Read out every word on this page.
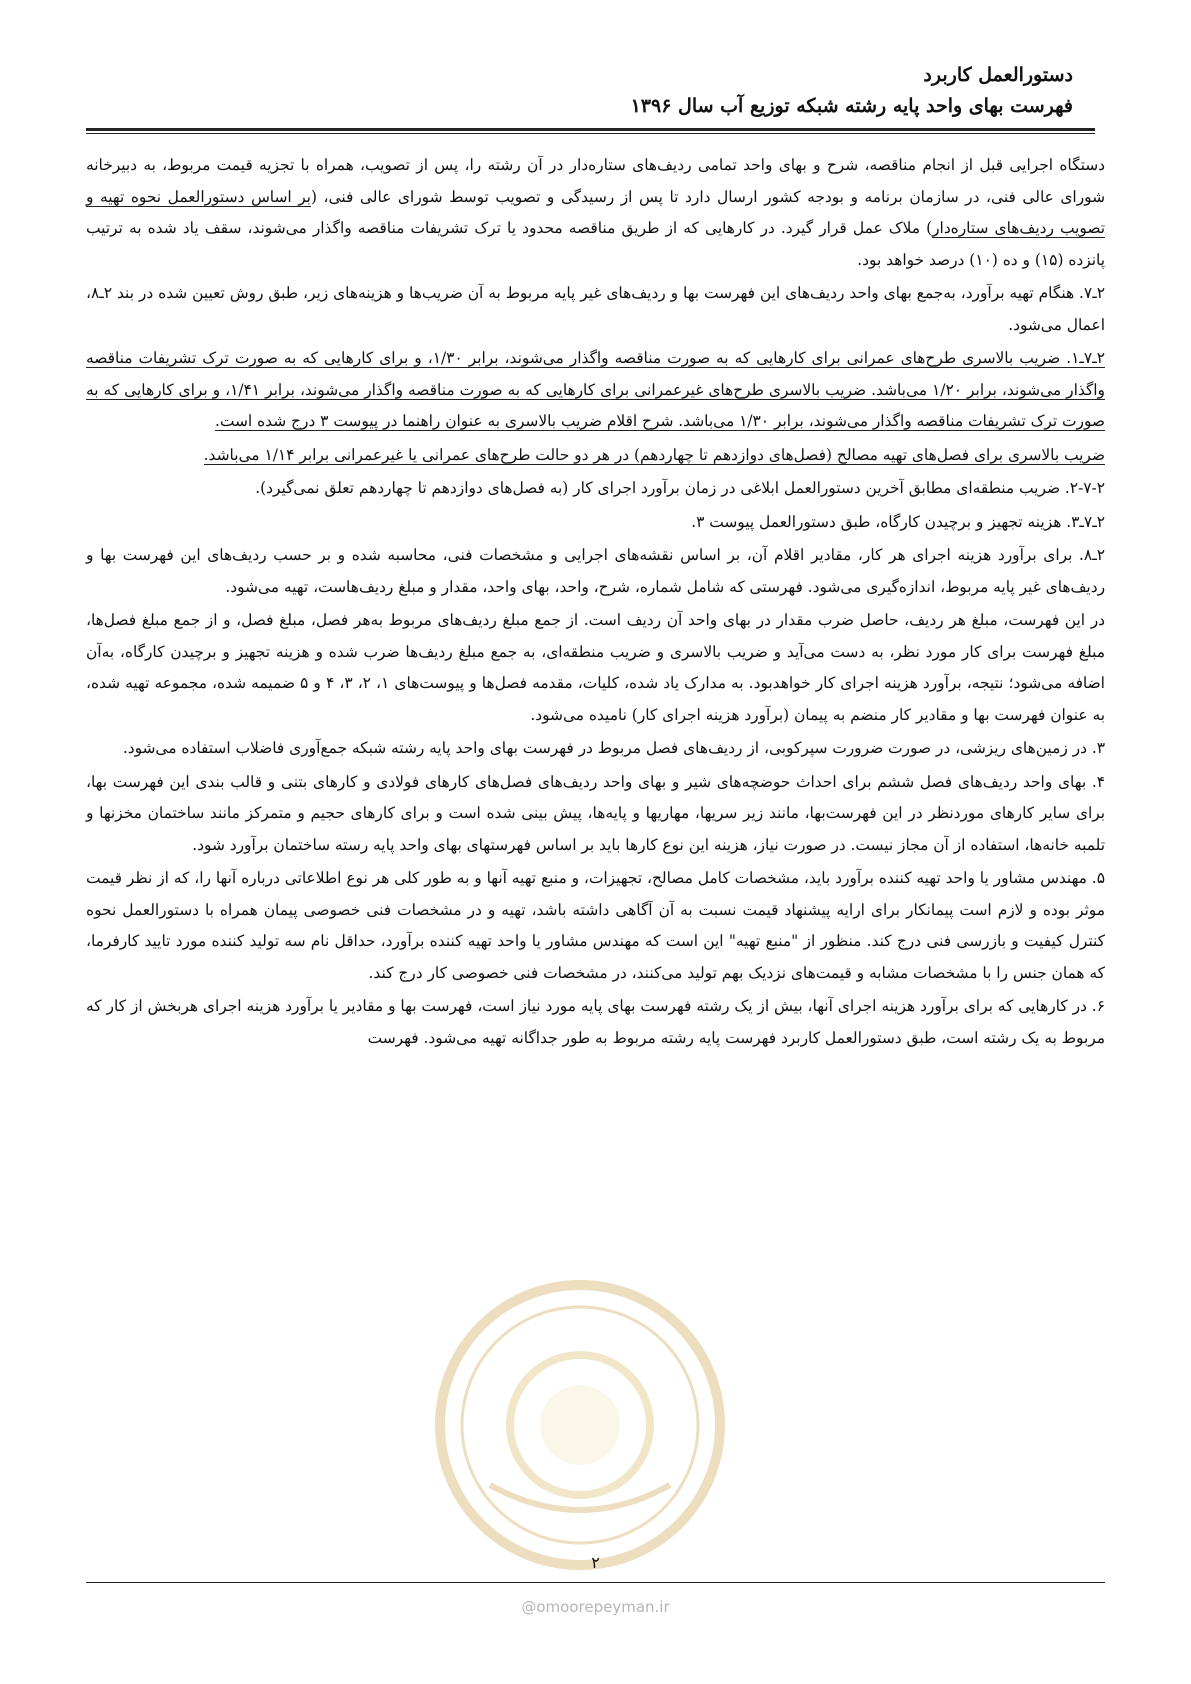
دستورالعمل کاربرد
فهرست بهای واحد پایه رشته شبکه توزیع آب سال ۱۳۹۶

دستگاه اجرایی قبل از انجام مناقصه، شرح و بهای واحد تمامی ردیف‌های ستاره‌دار در آن رشته را، پس از تصویب، همراه با تجزیه قیمت مربوط، به دبیرخانه شورای عالی فنی، در سازمان برنامه و بودجه کشور ارسال دارد تا پس از رسیدگی و تصویب توسط شورای عالی فنی، (بر اساس دستورالعمل نحوه تهیه و تصویب ردیف‌های ستاره‌دار) ملاک عمل قرار گیرد. در کارهایی که از طریق مناقصه محدود یا ترک تشریفات مناقصه واگذار می‌شوند، سقف یاد شده به ترتیب پانزده (۱۵) و ده (۱۰) درصد خواهد بود.

۲ـ۷. هنگام تهیه برآورد، به‌جمع بهای واحد ردیف‌های این فهرست بها و ردیف‌های غیر پایه مربوط به آن ضریب‌ها و هزینه‌های زیر، طبق روش تعیین شده در بند ۲ـ۸، اعمال می‌شود.

۲ـ۷ـ۱. ضریب بالاسری طرح‌های عمرانی برای کارهایی که به صورت مناقصه واگذار می‌شوند، برابر ۱/۳۰، و برای کارهایی که به صورت ترک تشریفات مناقصه واگذار می‌شوند، برابر ۱/۲۰ می‌باشد. ضریب بالاسری طرح‌های غیرعمرانی برای کارهایی که به صورت مناقصه واگذار می‌شوند، برابر ۱/۴۱، و برای کارهایی که به صورت ترک تشریفات مناقصه واگذار می‌شوند، برابر ۱/۳۰ می‌باشد. شرح اقلام ضریب بالاسری به عنوان راهنما در پیوست ۳ درج شده است.

ضریب بالاسری برای فصل‌های تهیه مصالح (فصل‌های دوازدهم تا چهاردهم) در هر دو حالت طرح‌های عمرانی یا غیرعمرانی برابر ۱/۱۴ می‌باشد.

۲-۷-۲. ضریب منطقه‌ای مطابق آخرین دستورالعمل ابلاغی در زمان برآورد اجرای کار (به فصل‌های دوازدهم تا چهاردهم تعلق نمی‌گیرد).

۲ـ۷ـ۳. هزینه تجهیز و برچیدن کارگاه، طبق دستورالعمل پیوست ۳.

۲ـ۸. برای برآورد هزینه اجرای هر کار، مقادیر اقلام آن، بر اساس نقشه‌های اجرایی و مشخصات فنی، محاسبه شده و بر حسب ردیف‌های این فهرست بها و ردیف‌های غیر پایه مربوط، اندازه‌گیری می‌شود. فهرستی که شامل شماره، شرح، واحد، بهای واحد، مقدار و مبلغ ردیف‌هاست، تهیه می‌شود.

در این فهرست، مبلغ هر ردیف، حاصل ضرب مقدار در بهای واحد آن ردیف است. از جمع مبلغ ردیف‌های مربوط به‌هر فصل، مبلغ فصل، و از جمع مبلغ فصل‌ها، مبلغ فهرست برای کار مورد نظر، به دست می‌آید و ضریب بالاسری و ضریب منطقه‌ای، به جمع مبلغ ردیف‌ها ضرب شده و هزینه تجهیز و برچیدن کارگاه، به‌آن اضافه می‌شود؛ نتیجه، برآورد هزینه اجرای کار خواهدبود. به مدارک یاد شده، کلیات، مقدمه فصل‌ها و پیوست‌های ۱، ۲، ۳، ۴ و ۵ ضمیمه شده، مجموعه تهیه شده، به عنوان فهرست بها و مقادیر کار منضم به پیمان (برآورد هزینه اجرای کار) نامیده می‌شود.

۳. در زمین‌های ریزشی، در صورت ضرورت سپرکوبی، از ردیف‌های فصل مربوط در فهرست بهای واحد پایه رشته شبکه جمع‌آوری فاضلاب استفاده می‌شود.

۴. بهای واحد ردیف‌های فصل ششم برای احداث حوضچه‌های شیر و بهای واحد ردیف‌های فصل‌های کارهای فولادی و کارهای بتنی و قالب بندی این فهرست بها، برای سایر کارهای موردنظر در این فهرست‌بها، مانند زیر سریها، مهاریها و پایه‌ها، پیش بینی شده است و برای کارهای حجیم و متمرکز مانند ساختمان مخزنها و تلمبه خانه‌ها، استفاده از آن مجاز نیست. در صورت نیاز، هزینه این نوع کارها باید بر اساس فهرستهای بهای واحد پایه رسته ساختمان برآورد شود.

۵. مهندس مشاور یا واحد تهیه کننده برآورد باید، مشخصات کامل مصالح، تجهیزات، و منبع تهیه آنها و به طور کلی هر نوع اطلاعاتی درباره آنها را، که از نظر قیمت موثر بوده و لازم است پیمانکار برای ارایه پیشنهاد قیمت نسبت به آن آگاهی داشته باشد، تهیه و در مشخصات فنی خصوصی پیمان همراه با دستورالعمل نحوه کنترل کیفیت و بازرسی فنی درج کند. منظور از "منبع تهیه" این است که مهندس مشاور یا واحد تهیه کننده برآورد، حداقل نام سه تولید کننده مورد تایید کارفرما، که همان جنس را با مشخصات مشابه و قیمت‌های نزدیک بهم تولید می‌کنند، در مشخصات فنی خصوصی کار درج کند.

۶. در کارهایی که برای برآورد هزینه اجرای آنها، بیش از یک رشته فهرست بهای پایه مورد نیاز است، فهرست بها و مقادیر یا برآورد هزینه اجرای هربخش از کار که مربوط به یک رشته است، طبق دستورالعمل کاربرد فهرست پایه رشته مربوط به طور جداگانه تهیه می‌شود. فهرست

۲
@omoorepeyman.ir
